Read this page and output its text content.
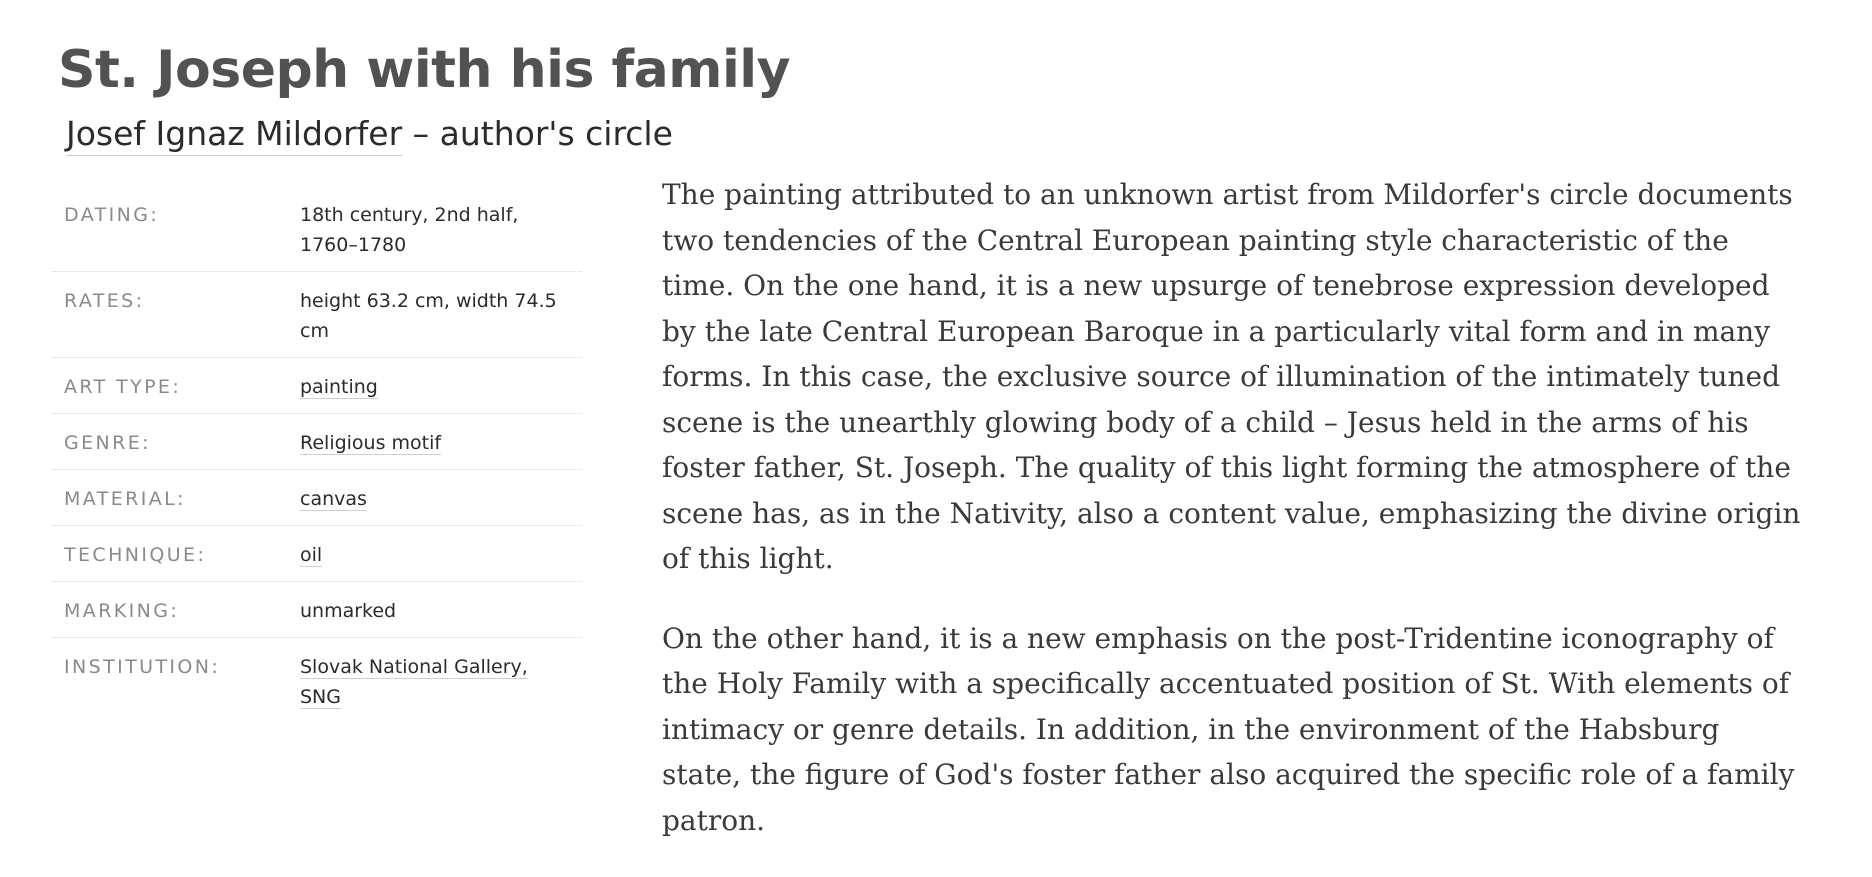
St. Joseph with his family
Josef Ignaz Mildorfer – author's circle
DATING:	18th century, 2nd half,
1760–1780
RATES:	height 63.2 cm, width 74.5
cm
ART TYPE:	painting
GENRE:	Religious motif
MATERIAL:	canvas
TECHNIQUE:	oil
MARKING:	unmarked
INSTITUTION:	Slovak National Gallery,
SNG

The painting attributed to an unknown artist from Mildorfer's circle documents two tendencies of the Central European painting style characteristic of the time. On the one hand, it is a new upsurge of tenebrose expression developed by the late Central European Baroque in a particularly vital form and in many forms. In this case, the exclusive source of illumination of the intimately tuned scene is the unearthly glowing body of a child – Jesus held in the arms of his foster father, St. Joseph. The quality of this light forming the atmosphere of the scene has, as in the Nativity, also a content value, emphasizing the divine origin of this light.

On the other hand, it is a new emphasis on the post-Tridentine iconography of the Holy Family with a specifically accentuated position of St. With elements of intimacy or genre details. In addition, in the environment of the Habsburg state, the figure of God's foster father also acquired the specific role of a family patron.
